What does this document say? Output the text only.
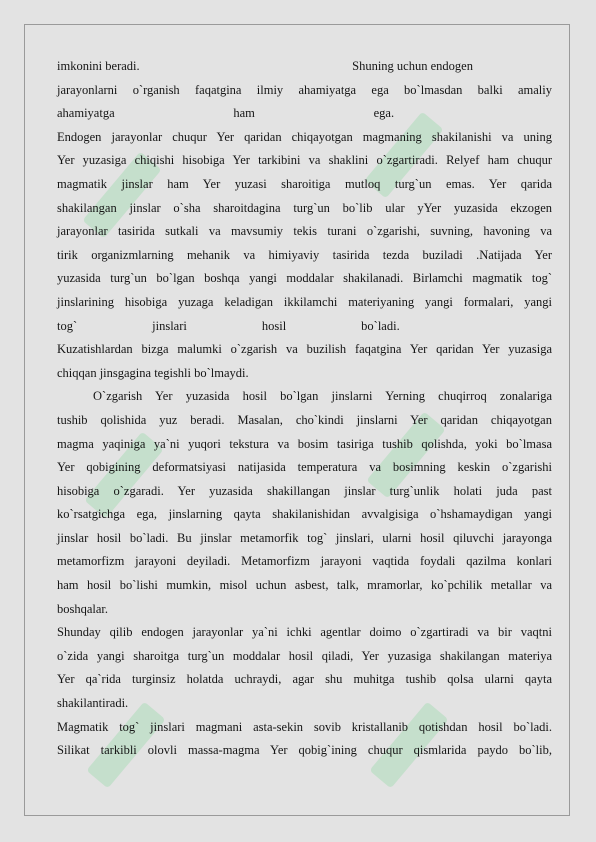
imkonini beradi.                                                                    Shuning uchun endogen

jarayonlarni o`rganish faqatgina ilmiy ahamiyatga ega bo`lmasdan balki amaliy

ahamiyatga                                      ham                                      ega.

Endogen jarayonlar chuqur Yer qaridan chiqayotgan magmaning shakilanishi va uning

Yer yuzasiga chiqishi hisobiga Yer tarkibini va shaklini o`zgartiradi. Relyef ham chuqur

magmatik jinslar ham Yer yuzasi sharoitiga mutloq turg`un emas. Yer qarida

shakilangan jinslar o`sha sharoitdagina turg`un bo`lib ular yYer yuzasida ekzogen

jarayonlar tasirida sutkali va mavsumiy tekis turani o`zgarishi, suvning, havoning va

tirik organizmlarning mehanik va himiyaviy tasirida tezda buziladi .Natijada Yer

yuzasida turg`un bo`lgan boshqa yangi moddalar shakilanadi. Birlamchi magmatik tog`

jinslarining hisobiga yuzaga keladigan ikkilamchi materiyaning yangi formalari, yangi

tog`                        jinslari                        hosil                        bo`ladi.

Kuzatishlardan bizga malumki o`zgarish va buzilish faqatgina Yer qaridan Yer yuzasiga

chiqqan jinsgagina tegishli bo`lmaydi.

O`zgarish Yer yuzasida hosil bo`lgan jinslarni Yerning chuqirroq zonalariga

tushib qolishida yuz beradi. Masalan, cho`kindi jinslarni Yer qaridan chiqayotgan

magma yaqiniga ya`ni yuqori tekstura va bosim tasiriga tushib qolishda, yoki bo`lmasa

Yer qobigining deformatsiyasi natijasida temperatura va bosimning keskin o`zgarishi

hisobiga o`zgaradi. Yer yuzasida shakillangan jinslar turg`unlik holati juda past

ko`rsatgichga ega, jinslarning qayta shakilanishidan avvalgisiga o`hshamaydigan yangi

jinslar hosil bo`ladi. Bu jinslar metamorfik tog` jinslari, ularni hosil qiluvchi jarayonga

metamorfizm jarayoni deyiladi. Metamorfizm jarayoni vaqtida foydali qazilma konlari

ham hosil bo`lishi mumkin, misol uchun asbest, talk, mramorlar, ko`pchilik metallar va

boshqalar.

Shunday qilib endogen jarayonlar ya`ni ichki agentlar doimo o`zgartiradi va bir vaqtni

o`zida yangi sharoitga turg`un moddalar hosil qiladi, Yer yuzasiga shakilangan materiya

Yer qa`rida turginsiz holatda uchraydi, agar shu muhitga tushib qolsa ularni qayta

shakilantiradi.

Magmatik tog` jinslari magmani asta-sekin sovib kristallanib qotishdan hosil bo`ladi.

Silikat tarkibli olovli massa-magma Yer qobig`ining chuqur qismlarida paydo bo`lib,
